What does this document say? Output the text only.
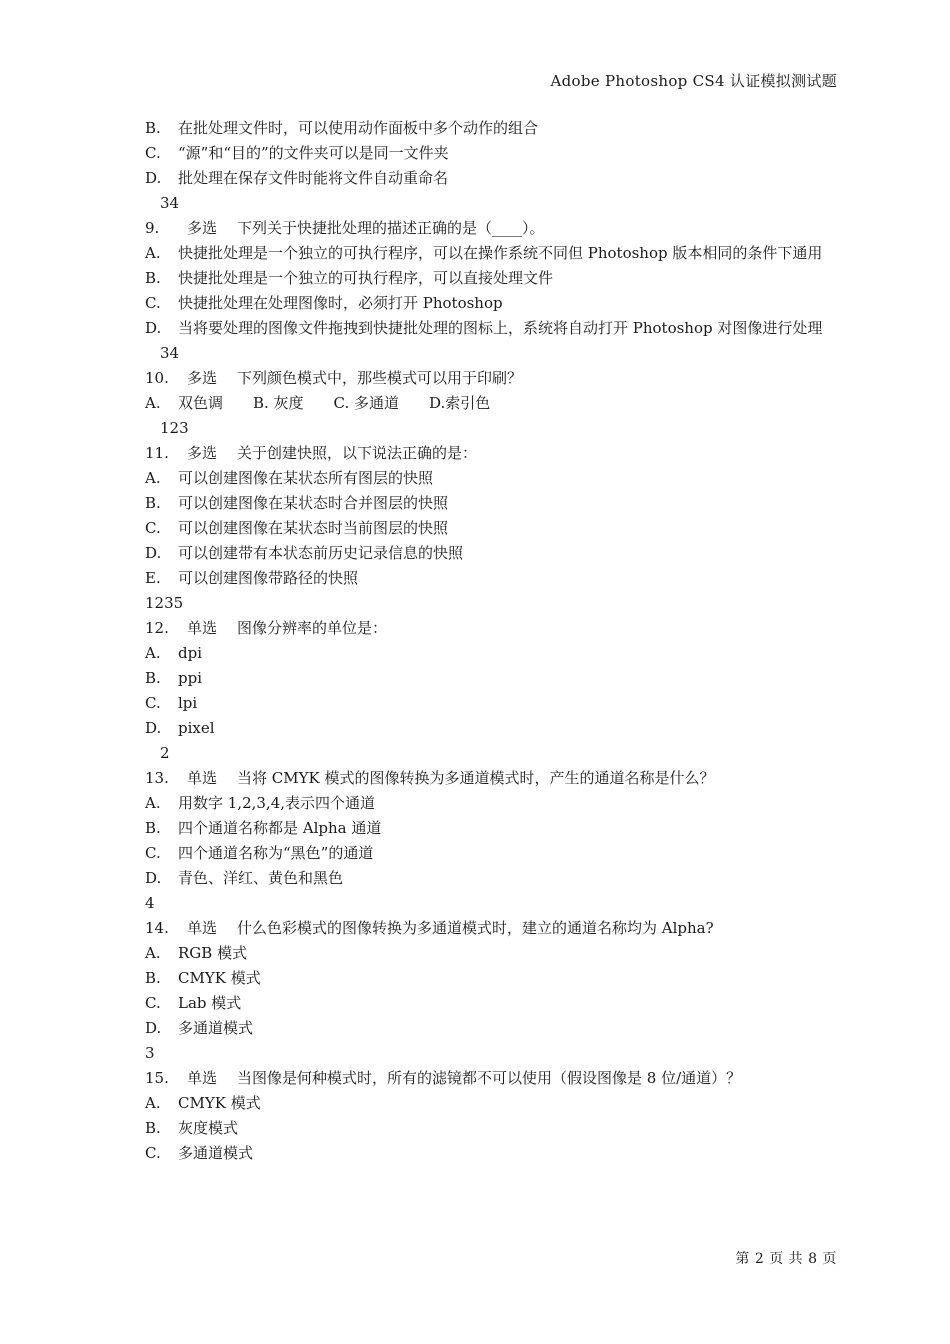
Adobe Photoshop CS4 认证模拟测试题
B. 在批处理文件时，可以使用动作面板中多个动作的组合
C. “源”和“目的”的文件夹可以是同一文件夹
D. 批处理在保存文件时能将文件自动重命名
34
9. 多选 下列关于快捷批处理的描述正确的是（____）。
A.	快捷批处理是一个独立的可执行程序，可以在操作系统不同但 Photoshop 版本相同的条件下通用
B. 快捷批处理是一个独立的可执行程序，可以直接处理文件
C. 快捷批处理在处理图像时，必须打开 Photoshop
D.	当将要处理的图像文件拖拽到快捷批处理的图标上，系统将自动打开 Photoshop 对图像进行处理
34
10. 多选 下列颜色模式中，那些模式可以用于印刷？
A. 双色调　　B. 灰度　　C. 多通道　　D.索引色
123
11. 多选 关于创建快照，以下说法正确的是：
A. 可以创建图像在某状态所有图层的快照
B. 可以创建图像在某状态时合并图层的快照
C. 可以创建图像在某状态时当前图层的快照
D. 可以创建带有本状态前历史记录信息的快照
E. 可以创建图像带路径的快照
1235
12. 单选 图像分辨率的单位是：
A. dpi
B. ppi
C. lpi
D. pixel
2
13. 单选 当将 CMYK 模式的图像转换为多通道模式时，产生的通道名称是什么？
A. 用数字 1,2,3,4,表示四个通道
B. 四个通道名称都是 Alpha 通道
C. 四个通道名称为“黑色”的通道
D. 青色、洋红、黄色和黑色
4
14. 单选 什么色彩模式的图像转换为多通道模式时，建立的通道名称均为 Alpha?
A. RGB 模式
B. CMYK 模式
C. Lab 模式
D. 多通道模式
3
15. 单选 当图像是何种模式时，所有的滤镜都不可以使用（假设图像是 8 位/通道）？
A. CMYK 模式
B. 灰度模式
C. 多通道模式
第 2 页 共 8 页
